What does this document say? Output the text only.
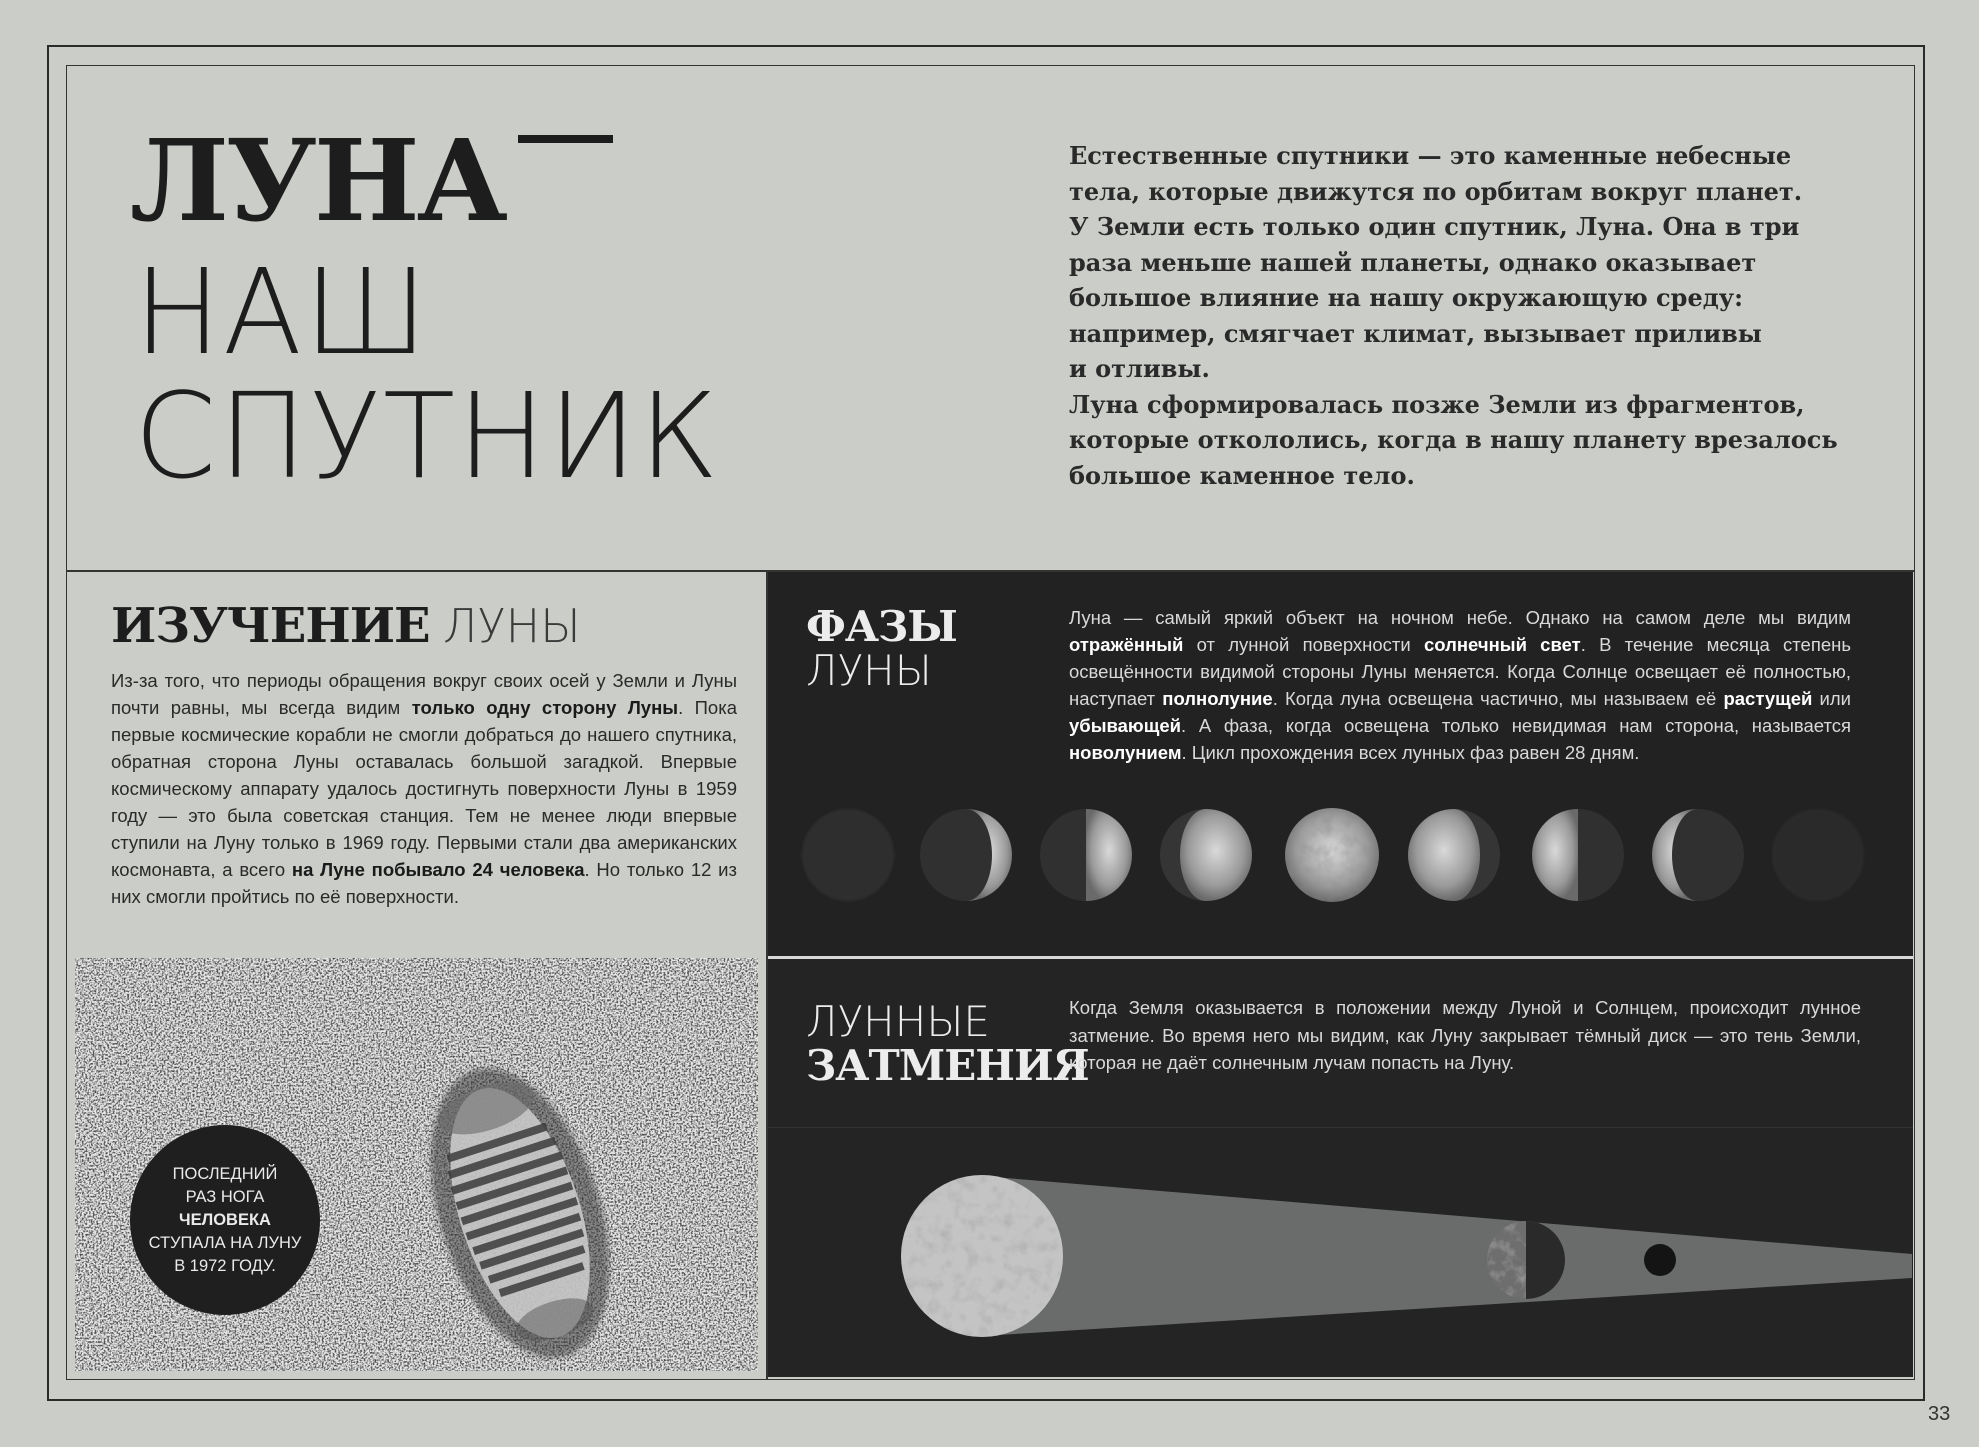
ЛУНА
НАШ
СПУТНИК
Естественные спутники — это каменные небесные
тела, которые движутся по орбитам вокруг планет.
У Земли есть только один спутник, Луна. Она в три
раза меньше нашей планеты, однако оказывает
большое влияние на нашу окружающую среду:
например, смягчает климат, вызывает приливы
и отливы.
Луна сформировалась позже Земли из фрагментов,
которые откололись, когда в нашу планету врезалось
большое каменное тело.
ИЗУЧЕНИЕ ЛУНЫ
Из-за того, что периоды обращения вокруг своих осей у Земли и Луны почти равны, мы всегда видим только одну сторону Луны. Пока первые космические корабли не смогли добраться до нашего спутника, обратная сторона Луны оставалась большой загадкой. Впервые космическому аппарату удалось достигнуть поверхности Луны в 1959 году — это была советская станция. Тем не менее люди впервые ступили на Луну только в 1969 году. Первыми стали два американских космонавта, а всего на Луне побывало 24 человека. Но только 12 из них смогли пройтись по её поверхности.
ПОСЛЕДНИЙ
РАЗ НОГА
ЧЕЛОВЕКА
СТУПАЛА НА ЛУНУ
В 1972 ГОДУ.
ФАЗЫ
ЛУНЫ
Луна — самый яркий объект на ночном небе. Однако на самом деле мы видим отражённый от лунной поверхности солнечный свет. В течение месяца степень освещённости видимой стороны Луны меняется. Когда Солнце освещает её полностью, наступает полнолуние. Когда луна освещена частично, мы называем её растущей или убывающей. А фаза, когда освещена только невидимая нам сторона, называется новолунием. Цикл прохождения всех лунных фаз равен 28 дням.
ЛУННЫЕ
ЗАТМЕНИЯ
Когда Земля оказывается в положении между Луной и Солнцем, происходит лунное затмение. Во время него мы видим, как Луну закрывает тёмный диск — это тень Земли, которая не даёт солнечным лучам попасть на Луну.
33
